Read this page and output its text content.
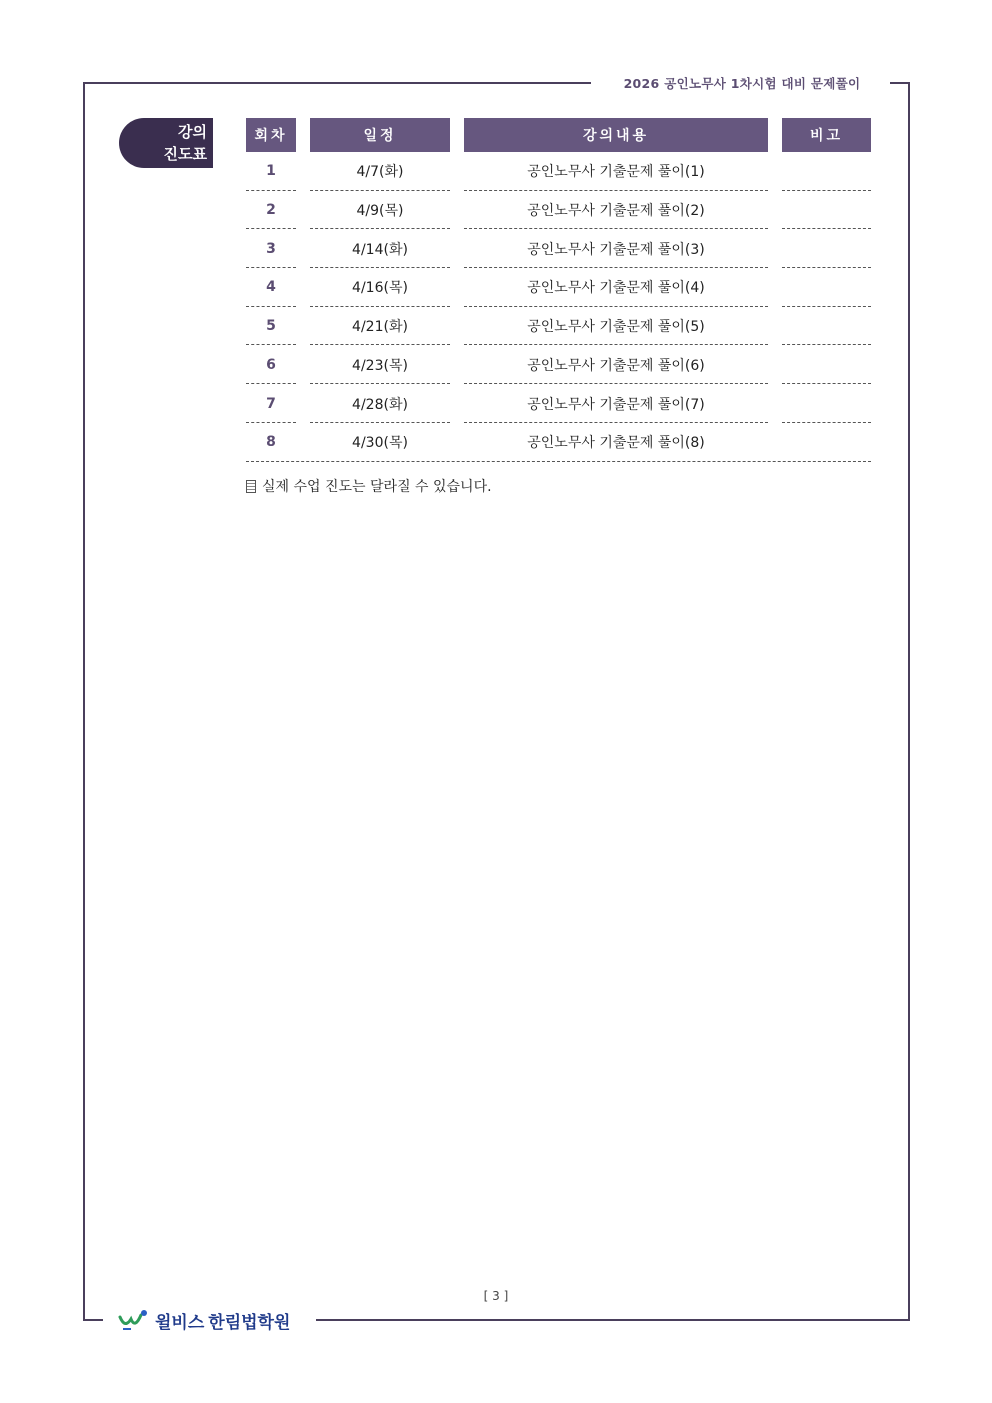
2026 공인노무사 1차시험 대비 문제풀이
강의
진도표
회차	일정	강의내용	비고
1	4/7(화)	공인노무사 기출문제 풀이(1)
2	4/9(목)	공인노무사 기출문제 풀이(2)
3	4/14(화)	공인노무사 기출문제 풀이(3)
4	4/16(목)	공인노무사 기출문제 풀이(4)
5	4/21(화)	공인노무사 기출문제 풀이(5)
6	4/23(목)	공인노무사 기출문제 풀이(6)
7	4/28(화)	공인노무사 기출문제 풀이(7)
8	4/30(목)	공인노무사 기출문제 풀이(8)
실제 수업 진도는 달라질 수 있습니다.
[ 3 ]
윌비스 한림법학원
